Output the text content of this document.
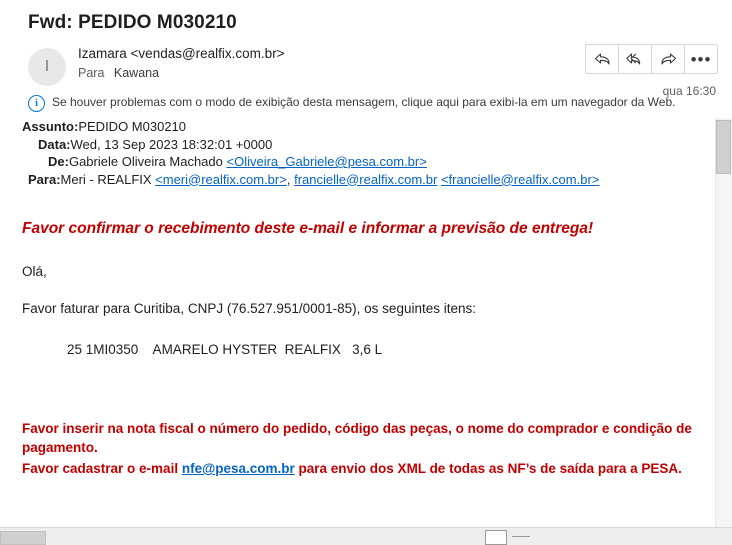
Fwd: PEDIDO M030210
I
Izamara <vendas@realfix.com.br>
Para Kawana
•••
qua 16:30
i	Se houver problemas com o modo de exibição desta mensagem, clique aqui para exibi-la em um navegador da Web.
Assunto:PEDIDO M030210
Data:Wed, 13 Sep 2023 18:32:01 +0000
De:Gabriele Oliveira Machado <Oliveira_Gabriele@pesa.com.br>
Para:Meri - REALFIX <meri@realfix.com.br>, francielle@realfix.com.br <francielle@realfix.com.br>
Favor confirmar o recebimento deste e-mail e informar a previsão de entrega!
Olá,
Favor faturar para Curitiba, CNPJ (76.527.951/0001-85), os seguintes itens:
25 1MI0350    AMARELO HYSTER  REALFIX   3,6 L
Favor inserir na nota fiscal o número do pedido, código das peças, o nome do comprador e condição de pagamento.
Favor cadastrar o e-mail nfe@pesa.com.br para envio dos XML de todas as NF’s de saída para a PESA.
